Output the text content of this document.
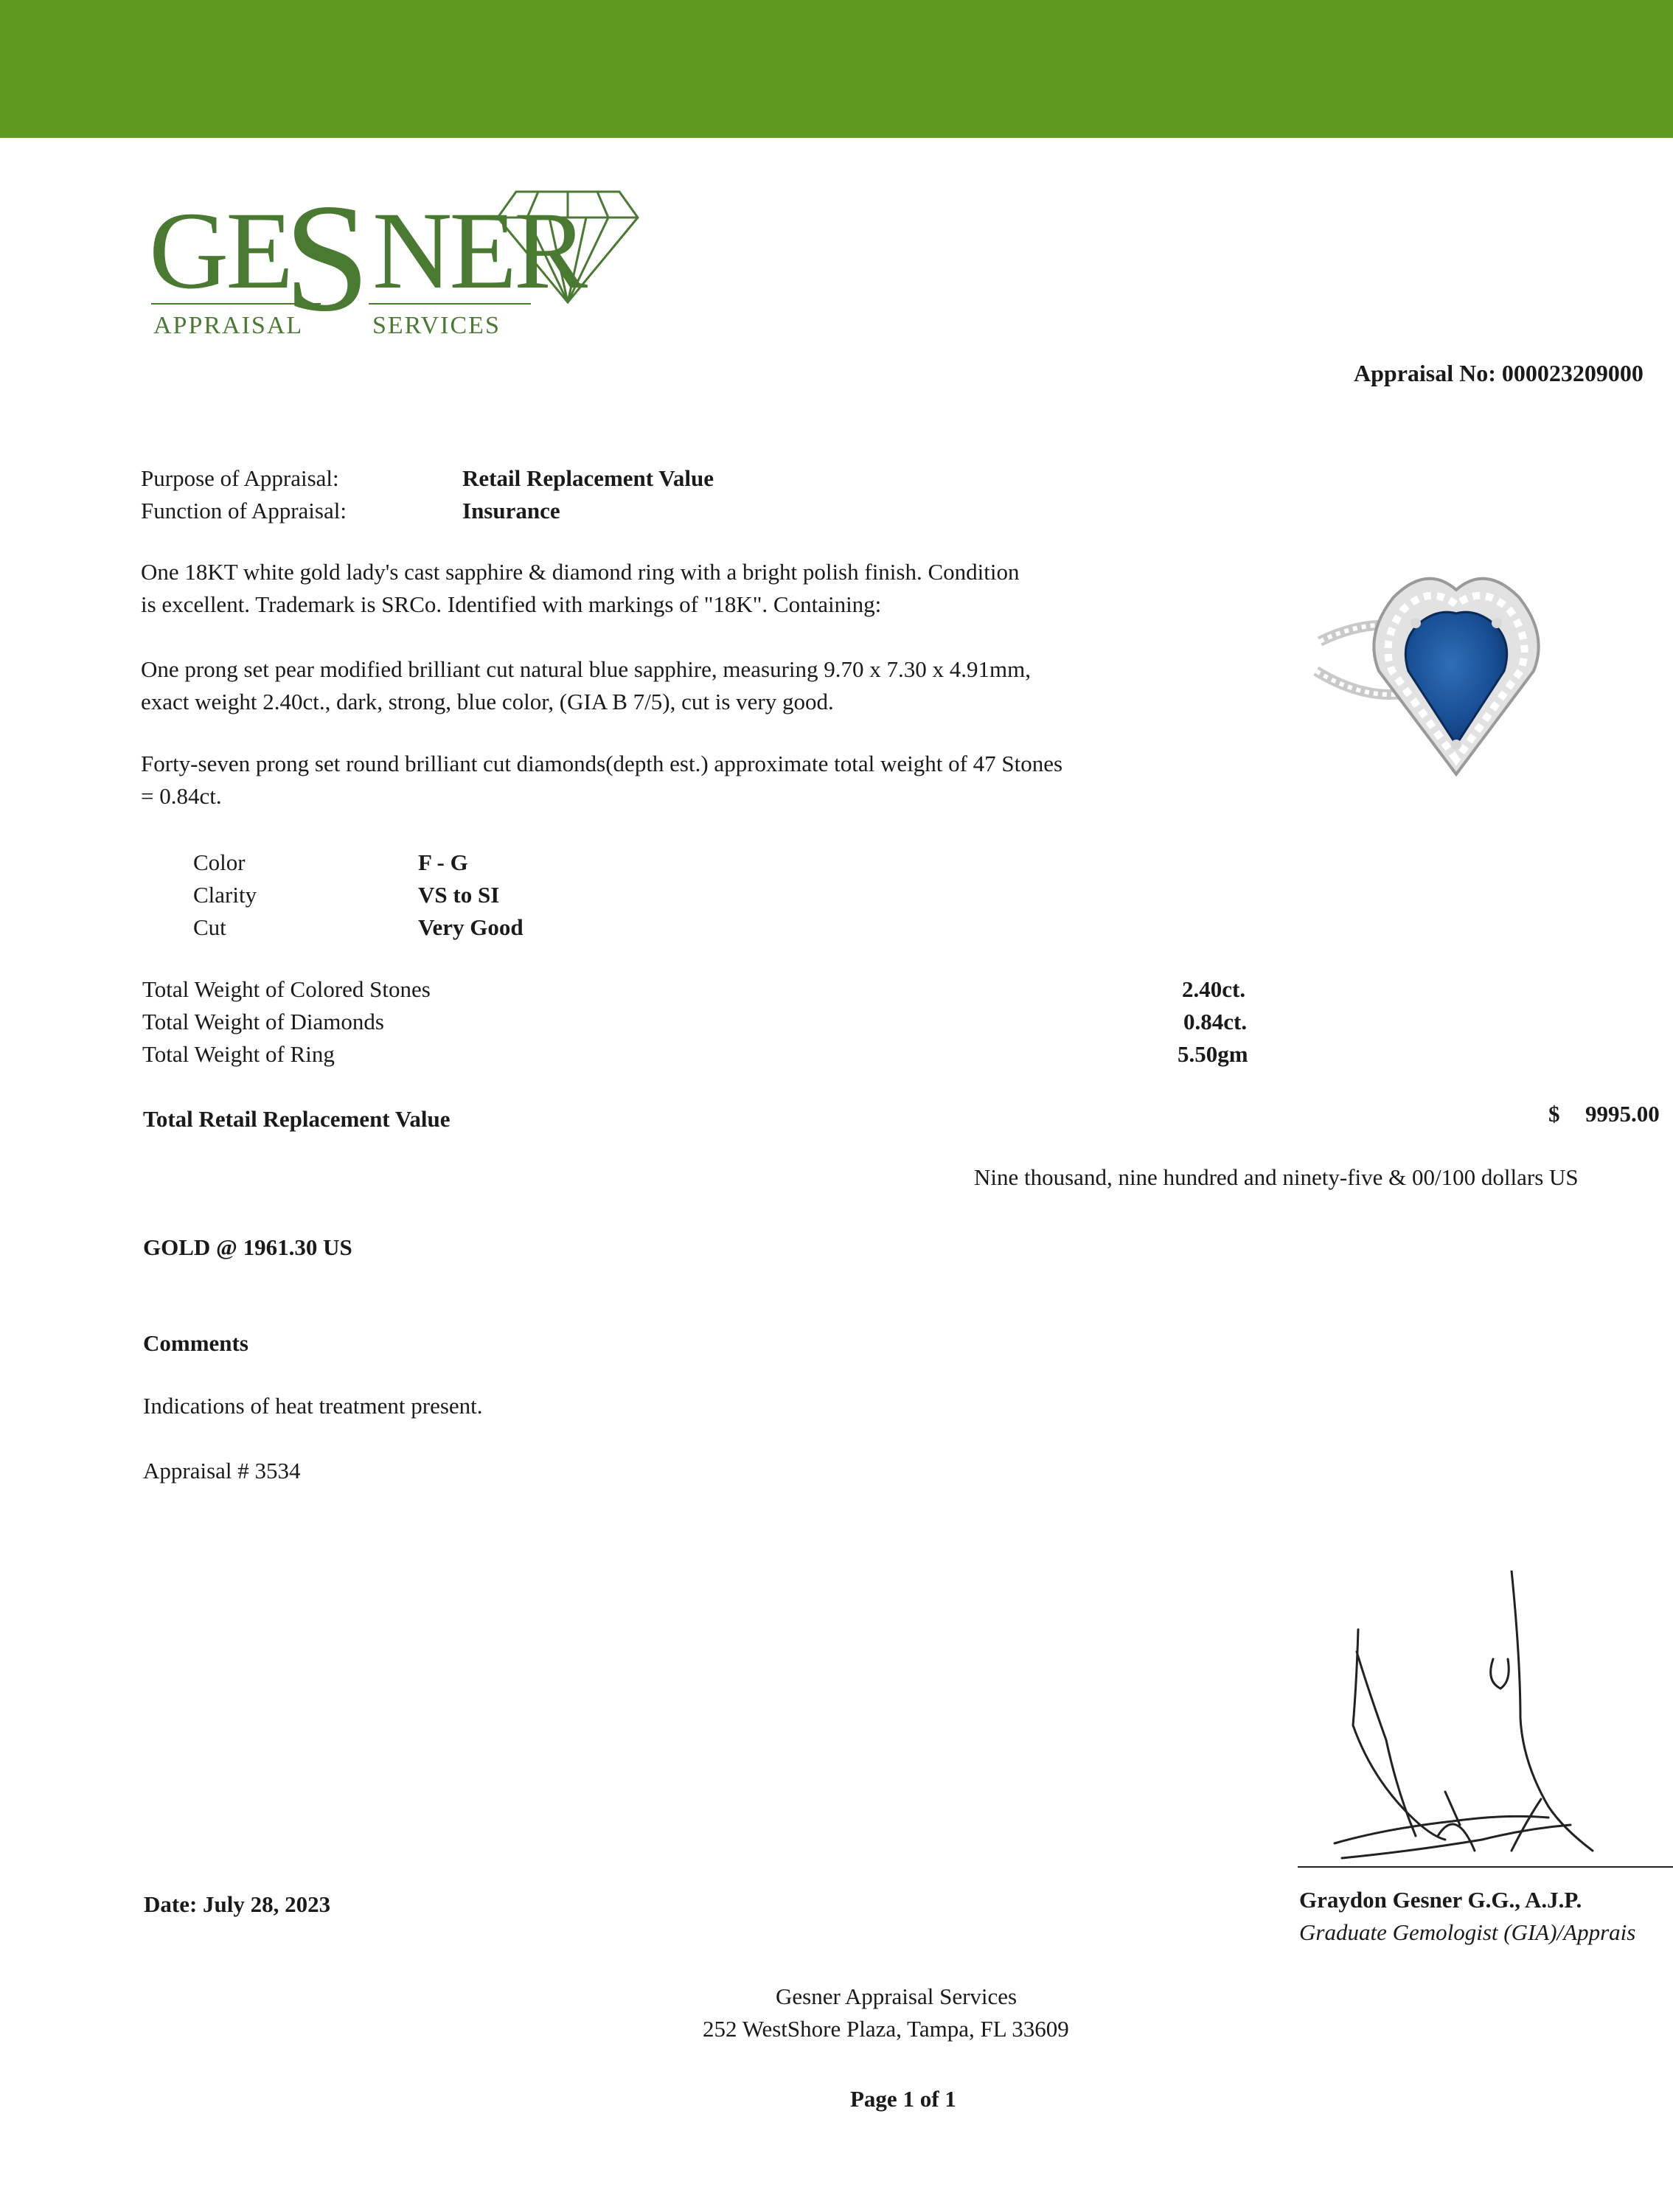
GE
S NER
APPRAISAL	SERVICES
Appraisal No: 000023209000
Purpose of Appraisal:	Retail Replacement Value
Function of Appraisal:	Insurance
One 18KT white gold lady's cast sapphire & diamond ring with a bright polish finish. Condition
is excellent. Trademark is SRCo. Identified with markings of "18K". Containing:
One prong set pear modified brilliant cut natural blue sapphire, measuring 9.70 x 7.30 x 4.91mm,
exact weight 2.40ct., dark, strong, blue color, (GIA B 7/5), cut is very good.
Forty-seven prong set round brilliant cut diamonds(depth est.) approximate total weight of 47 Stones
= 0.84ct.
Color	F - G
Clarity	VS to SI
Cut	Very Good
Total Weight of Colored Stones	2.40ct.
Total Weight of Diamonds	0.84ct.
Total Weight of Ring	5.50gm
Total Retail Replacement Value	$ 9995.00
Nine thousand, nine hundred and ninety-five & 00/100 dollars US
GOLD @ 1961.30 US
Comments
Indications of heat treatment present.
Appraisal # 3534
Date: July 28, 2023	Graydon Gesner G.G., A.J.P.
Graduate Gemologist (GIA)/Apprais
Gesner Appraisal Services
252 WestShore Plaza, Tampa, FL 33609
Page 1 of 1
